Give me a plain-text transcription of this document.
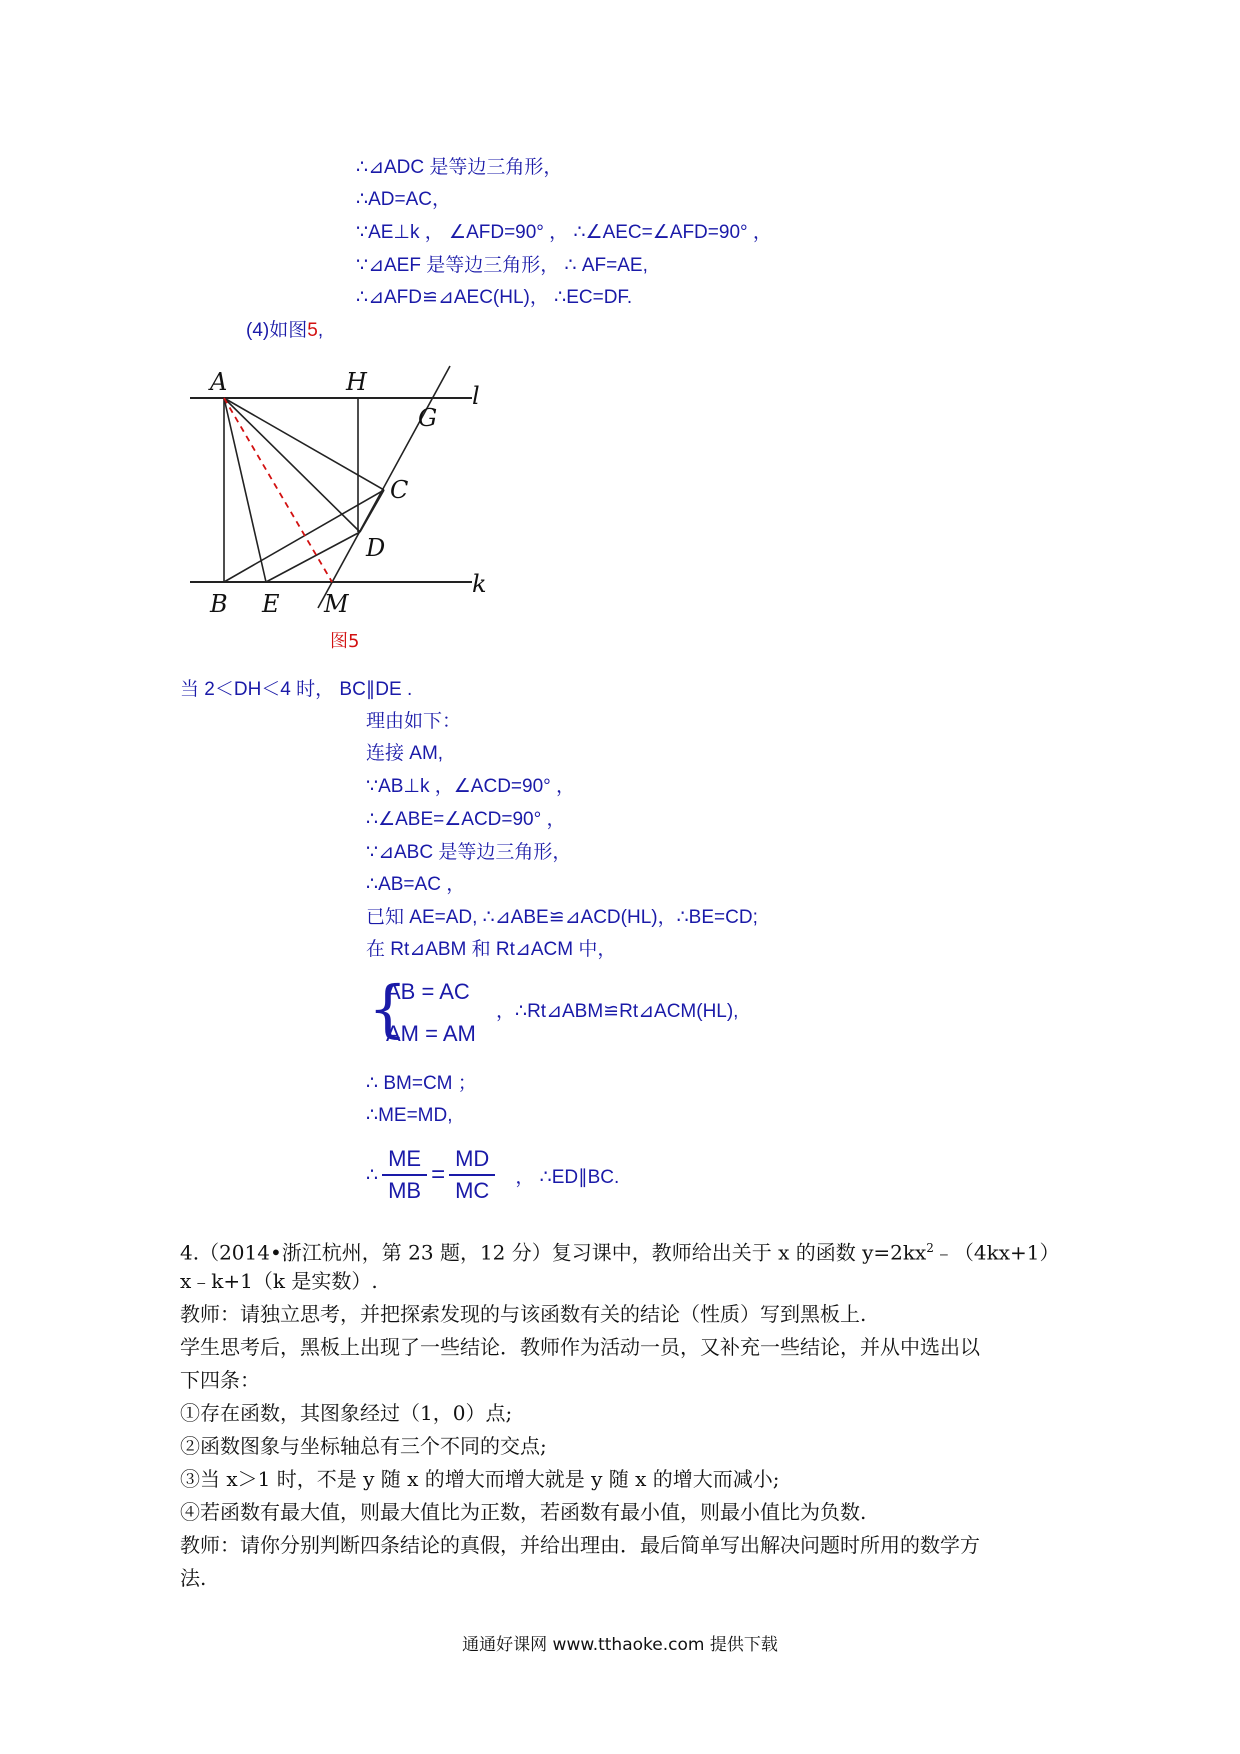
∴⊿ADC 是等边三角形，
∴AD=AC，
∵AE⊥k ， ∠AFD=90° ， ∴∠AEC=∠AFD=90° ，
∵⊿AEF 是等边三角形， ∴ AF=AE,
∴⊿AFD≌⊿AEC(HL)， ∴EC=DF.
(4)如图5,
A	H
G
l
C
D
B E M
k
图5
当 2＜DH＜4 时， BC∥DE .
理由如下：
连接 AM,
∵AB⊥k ，∠ACD=90° ，
∴∠ABE=∠ACD=90° ，
∵⊿ABC 是等边三角形，
∴AB=AC ，
已知 AE=AD, ∴⊿ABE≌⊿ACD(HL)，∴BE=CD;
在 Rt⊿ABM 和 Rt⊿ACM 中，
{
AB = AC
AM = AM
，∴Rt⊿ABM≌Rt⊿ACM(HL),
∴ BM=CM ；
∴ME=MD,
∴ $\frac{ME}{MB} = \frac{MD}{MC}$ ， ∴ED∥BC.
4.（2014•浙江杭州，第 23 题，12 分）复习课中，教师给出关于 x 的函数 $y=2kx^2﹣(4kx+1)$
x﹣k+1（k 是实数）.
教师：请独立思考，并把探索发现的与该函数有关的结论（性质）写到黑板上.
学生思考后，黑板上出现了一些结论．教师作为活动一员，又补充一些结论，并从中选出以
下四条：
①存在函数，其图象经过（1，0）点;
②函数图象与坐标轴总有三个不同的交点;
③当 x＞1 时，不是 y 随 x 的增大而增大就是 y 随 x 的增大而减小;
④若函数有最大值，则最大值比为正数，若函数有最小值，则最小值比为负数.
教师：请你分别判断四条结论的真假，并给出理由．最后简单写出解决问题时所用的数学方
法.
通通好课网 www.tthaoke.com 提供下载
